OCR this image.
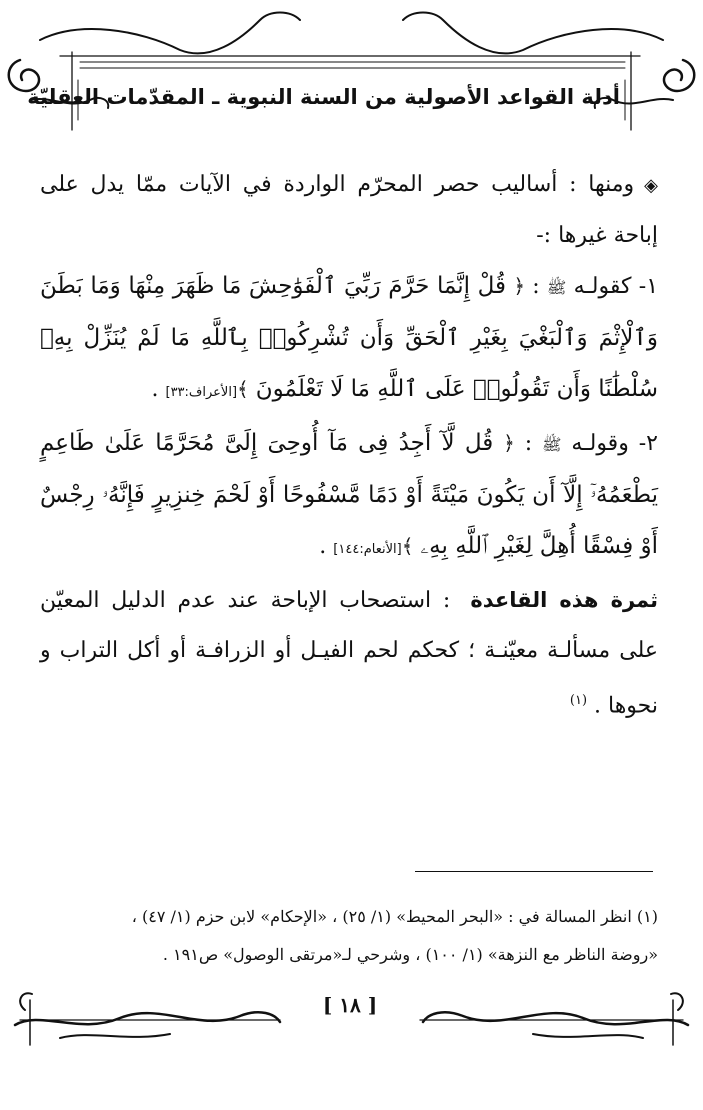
أدلة القواعد الأصولية من السنة النبوية ـ المقدّمات العقليّة

◈ومنها : أساليب حصر المحرّم الواردة في الآيات ممّا يدل على إباحة غيرها :-

١- كقولـه ﷺ : ﴿ قُلْ إِنَّمَا حَرَّمَ رَبِّيَ ٱلْفَوَٰحِشَ مَا ظَهَرَ مِنْهَا وَمَا بَطَنَ وَٱلْإِثْمَ وَٱلْبَغْيَ بِغَيْرِ ٱلْحَقِّ وَأَن تُشْرِكُوا۟ بِٱللَّهِ مَا لَمْ يُنَزِّلْ بِهِۦ سُلْطَٰنًا وَأَن تَقُولُوا۟ عَلَى ٱللَّهِ مَا لَا تَعْلَمُونَ ﴾[الأعراف:٣٣] .

٢- وقولـه ﷺ : ﴿ قُل لَّآ أَجِدُ فِى مَآ أُوحِىَ إِلَىَّ مُحَرَّمًا عَلَىٰ طَاعِمٍ يَطْعَمُهُۥٓ إِلَّآ أَن يَكُونَ مَيْتَةً أَوْ دَمًا مَّسْفُوحًا أَوْ لَحْمَ خِنزِيرٍ فَإِنَّهُۥ رِجْسٌ أَوْ فِسْقًا أُهِلَّ لِغَيْرِ ٱللَّهِ بِهِۦ ﴾[الأنعام:١٤٤] .

ثمرة هذه القاعدة: استصحاب الإباحة عند عدم الدليل المعيّن على مسألـة معيّنـة ؛ كحكم لحم الفيـل أو الزرافـة أو أكل التراب و نحوها . $^{(١)}$

(١) انظر المسالة في : «البحر المحيط» (١/ ٢٥) ، «الإحكام» لابن حزم (١/ ٤٧) ،

«روضة الناظر مع النزهة» (١/ ١٠٠) ، وشرحي لـ«مرتقى الوصول» ص١٩١ .

[ ١٨ ]
